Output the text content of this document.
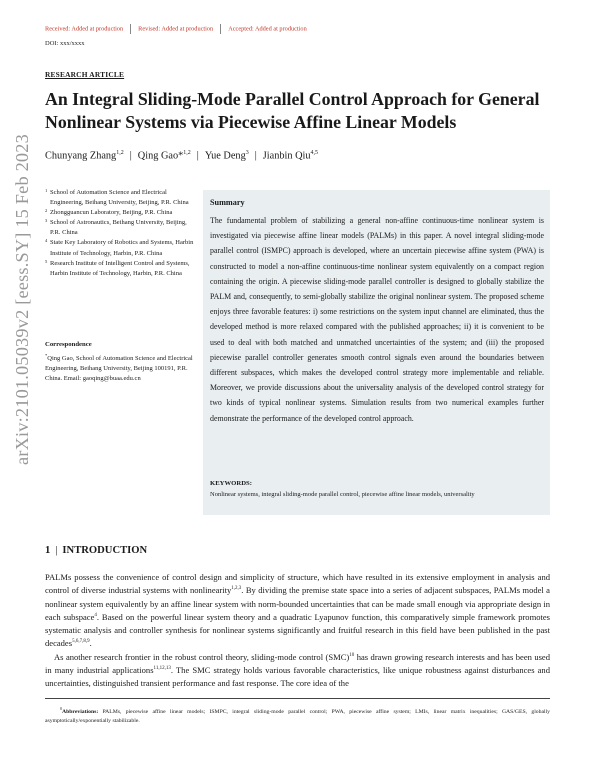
Received: Added at production Revised: Added at production Accepted: Added at production
DOI: xxx/xxxx
RESEARCH ARTICLE
An Integral Sliding-Mode Parallel Control Approach for General Nonlinear Systems via Piecewise Affine Linear Models
Chunyang Zhang$^{1,2}$ | Qing Gao*$^{1,2}$ | Yue Deng$^3$ | Jianbin Qiu$^{4,5}$
arXiv:2101.05039v2 [eess.SY] 15 Feb 2023	1 School of Automation Science and Electrical Engineering, Beihang University, Beijing, P.R. China
2 Zhongguancun Laboratory, Beijing, P.R. China
3 School of Astronautics, Beihang University, Beijing, P.R. China
4 State Key Laboratory of Robotics and Systems, Harbin Institute of Technology, Harbin, P.R. China
5 Research Institute of Intelligent Control and Systems, Harbin Institute of Technology, Harbin, P.R. China
Correspondence
*Qing Gao, School of Automation Science and Electrical Engineering, Beihang University, Beijing 100191, P.R. China. Email: gaoqing@buaa.edu.cn
Summary
The fundamental problem of stabilizing a general non-affine continuous-time nonlinear system is investigated via piecewise affine linear models (PALMs) in this paper. A novel integral sliding-mode parallel control (ISMPC) approach is developed, where an uncertain piecewise affine system (PWA) is constructed to model a non-affine continuous-time nonlinear system equivalently on a compact region containing the origin. A piecewise sliding-mode parallel controller is designed to globally stabilize the PALM and, consequently, to semi-globally stabilize the original nonlinear system. The proposed scheme enjoys three favorable features: i) some restrictions on the system input channel are eliminated, thus the developed method is more relaxed compared with the published approaches; ii) it is convenient to be used to deal with both matched and unmatched uncertainties of the system; and (iii) the proposed piecewise parallel controller generates smooth control signals even around the boundaries between different subspaces, which makes the developed control strategy more implementable and reliable. Moreover, we provide discussions about the universality analysis of the developed control strategy for two kinds of typical nonlinear systems. Simulation results from two numerical examples further demonstrate the performance of the developed control approach.
KEYWORDS:
Nonlinear systems, integral sliding-mode parallel control, piecewise affine linear models, universality
1 | INTRODUCTION

PALMs possess the convenience of control design and simplicity of structure, which have resulted in its extensive employment in analysis and control of diverse industrial systems with nonlinearity$^{1,2,3}$. By dividing the premise state space into a series of adjacent subspaces, PALMs model a nonlinear system equivalently by an affine linear system with norm-bounded uncertainties that can be made small enough via appropriate design in each subspace$^4$. Based on the powerful linear system theory and a quadratic Lyapunov function, this comparatively simple framework promotes systematic analysis and controller synthesis for nonlinear systems significantly and fruitful research in this field have been published in the past decades$^{5,6,7,8,9}$.

As another research frontier in the robust control theory, sliding-mode control (SMC)$^{10}$ has drawn growing research interests and has been used in many industrial applications$^{11,12,13}$. The SMC strategy holds various favorable characteristics, like unique robustness against disturbances and uncertainties, distinguished transient performance and fast response. The core idea of the

$^0$Abbreviations: PALMs, piecewise affine linear models; ISMPC, integral sliding-mode parallel control; PWA, piecewise affine system; LMIs, linear matrix inequalities; GAS/GES, globally asymptotically/exponentially stabilizable.
